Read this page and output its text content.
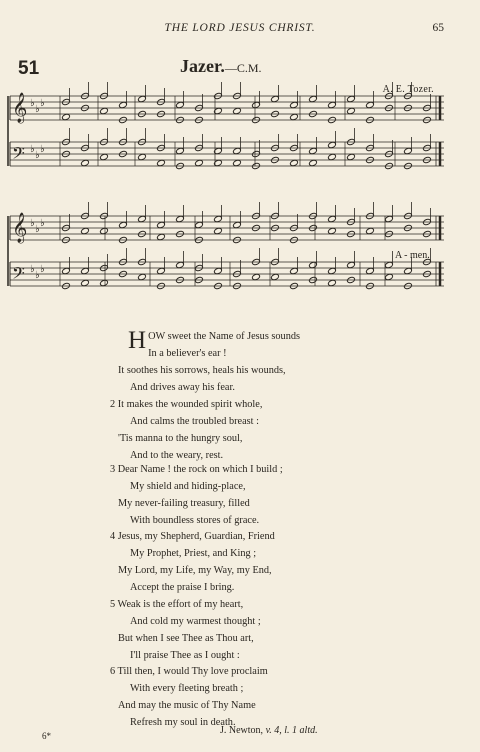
THE LORD JESUS CHRIST.	65
51	Jazer.—C.M.
A. E. Tozer.
𝄞 ♭
♭
♭
𝄢 ♭
♭
♭
𝄞 ♭
♭
♭
𝄢 ♭
♭
♭
A - men.
HOW sweet the Name of Jesus sounds
In a believer's ear !
It soothes his sorrows, heals his wounds,
And drives away his fear.
2 It makes the wounded spirit whole,
And calms the troubled breast :
'Tis manna to the hungry soul,
And to the weary, rest.
3 Dear Name ! the rock on which I build ;
My shield and hiding-place,
My never-failing treasury, filled
With boundless stores of grace.
4 Jesus, my Shepherd, Guardian, Friend
My Prophet, Priest, and King ;
My Lord, my Life, my Way, my End,
Accept the praise I bring.
5 Weak is the effort of my heart,
And cold my warmest thought ;
But when I see Thee as Thou art,
I'll praise Thee as I ought :
6 Till then, I would Thy love proclaim
With every fleeting breath ;
And may the music of Thy Name
Refresh my soul in death.
J. Newton, v. 4, l. 1 altd.
6*
